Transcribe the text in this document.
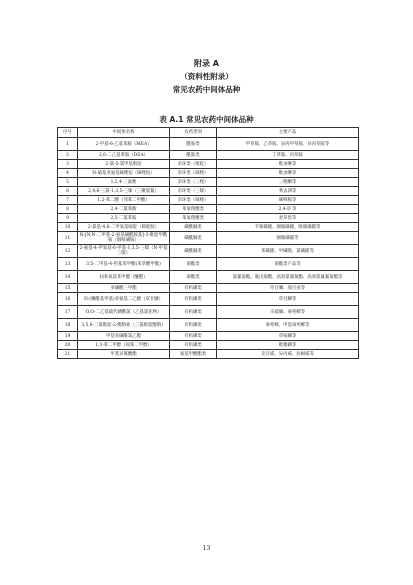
附录 A
（资料性附录）
常见农药中间体品种
表 A.1 常见农药中间体品种
序号	中间体名称	农药类别	主要产品
1	2-甲基-6-乙基苯胺（MEA）	酰胺类	甲草胺、乙草胺、异丙甲草胺、异丙草胺等
2	2,6-二乙基苯胺（DEA）	酰胺类	丁草胺、丙草胺
3	2-氯-5-氯甲基吡啶	杂环类（吡啶）	吡虫啉等
4	N-硝基亚氨基咪唑烷（咪唑烷）	杂环类（咪唑）	吡虫啉等
5	1,2,4-三氮唑	杂环类（三唑）	三唑酮等
6	2,4,6-三氯-1,3,5-三嗪（三聚氯氰）	杂环类（三嗪）	莠去津等
7	1,2-苯二酸（邻苯二甲酸）	杂环类（咪唑）	咪鲜胺等
8	2,4-二氯苯酚	苯氧羧酸类	2,4-D 等
9	2,5-二氯苯胺	苯氧羧酸类	麦草畏等
10	2-氯基-4,6-二甲氧基嘧啶（嘧啶胺）	磺酰脲类	苄嘧磺隆、烟嘧磺隆、吡嘧磺隆等
11	N-[N,N-二甲基-2-氨基磺酰胺基]-3-吡啶甲酰胺（烟嘧磺胺）	磺酰脲类	烟嘧磺隆等
12	2-氨基-4-甲氧基-6-甲基-1,3,5-三嗪（N-甲基三嗪）	磺酰脲类	苯磺隆、甲磺隆、氯磺隆等
13	3,5-二甲基-4-羟基苯甲酸(苯草酸甲酯)	菊酯类	菊酯类产品等
14	间苯氧基苯甲醛（醚醛）	菊酯类	氯氰菊酯、氰戊菊酯、高效氯氰菊酯、高效氯氟氰菊酯等
15	亚磷酸三甲酯	有机磷类	草甘膦、敌百虫等
16	N-(膦酰基甲基)亚氨基二乙酸（双甘膦）	有机磷类	草甘膦等
17	O,O-二乙基硫代磷酰氯（乙基氯化物）	有机磷类	辛硫磷、毒死蜱等
18	3,5,6-三氯吡啶-2-醇钠盐（三氯吡啶醇钠）	有机磷类	毒死蜱、甲基毒死蜱等
19	甲基亚磺酰氯乙酯	有机磷类	草铵膦等
20	1,3-苯二甲醇（间苯二甲醇）	有机磷类	吡噻磷等
21	甲基异氰酸酯	氨基甲酸酯类	克百威、异丙威、抗蚜威等
13
